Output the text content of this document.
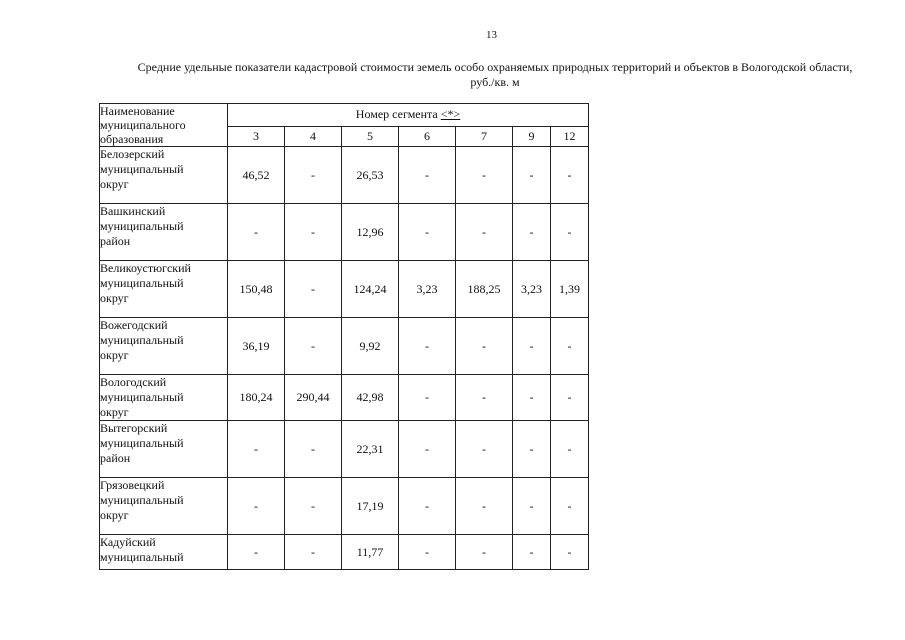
13
Средние удельные показатели кадастровой стоимости земель особо охраняемых природных территорий и объектов в Вологодской области,
руб./кв. м
Наименование
муниципального
образования	Номер сегмента <*>						
	3	4	5	6	7	9	12

Белозерский
муниципальный
округ	46,52	-	26,53	-	-	-	-

Вашкинский
муниципальный
район	-	-	12,96	-	-	-	-

Великоустюгский
муниципальный
округ	150,48	-	124,24	3,23	188,25	3,23	1,39

Вожегодский
муниципальный
округ	36,19	-	9,92	-	-	-	-

Вологодский
муниципальный
округ	180,24	290,44	42,98	-	-	-	-

Вытегорский
муниципальный
район	-	-	22,31	-	-	-	-

Грязовецкий
муниципальный
округ	-	-	17,19	-	-	-	-

Кадуйский
муниципальный	-	-	11,77	-	-	-	-
